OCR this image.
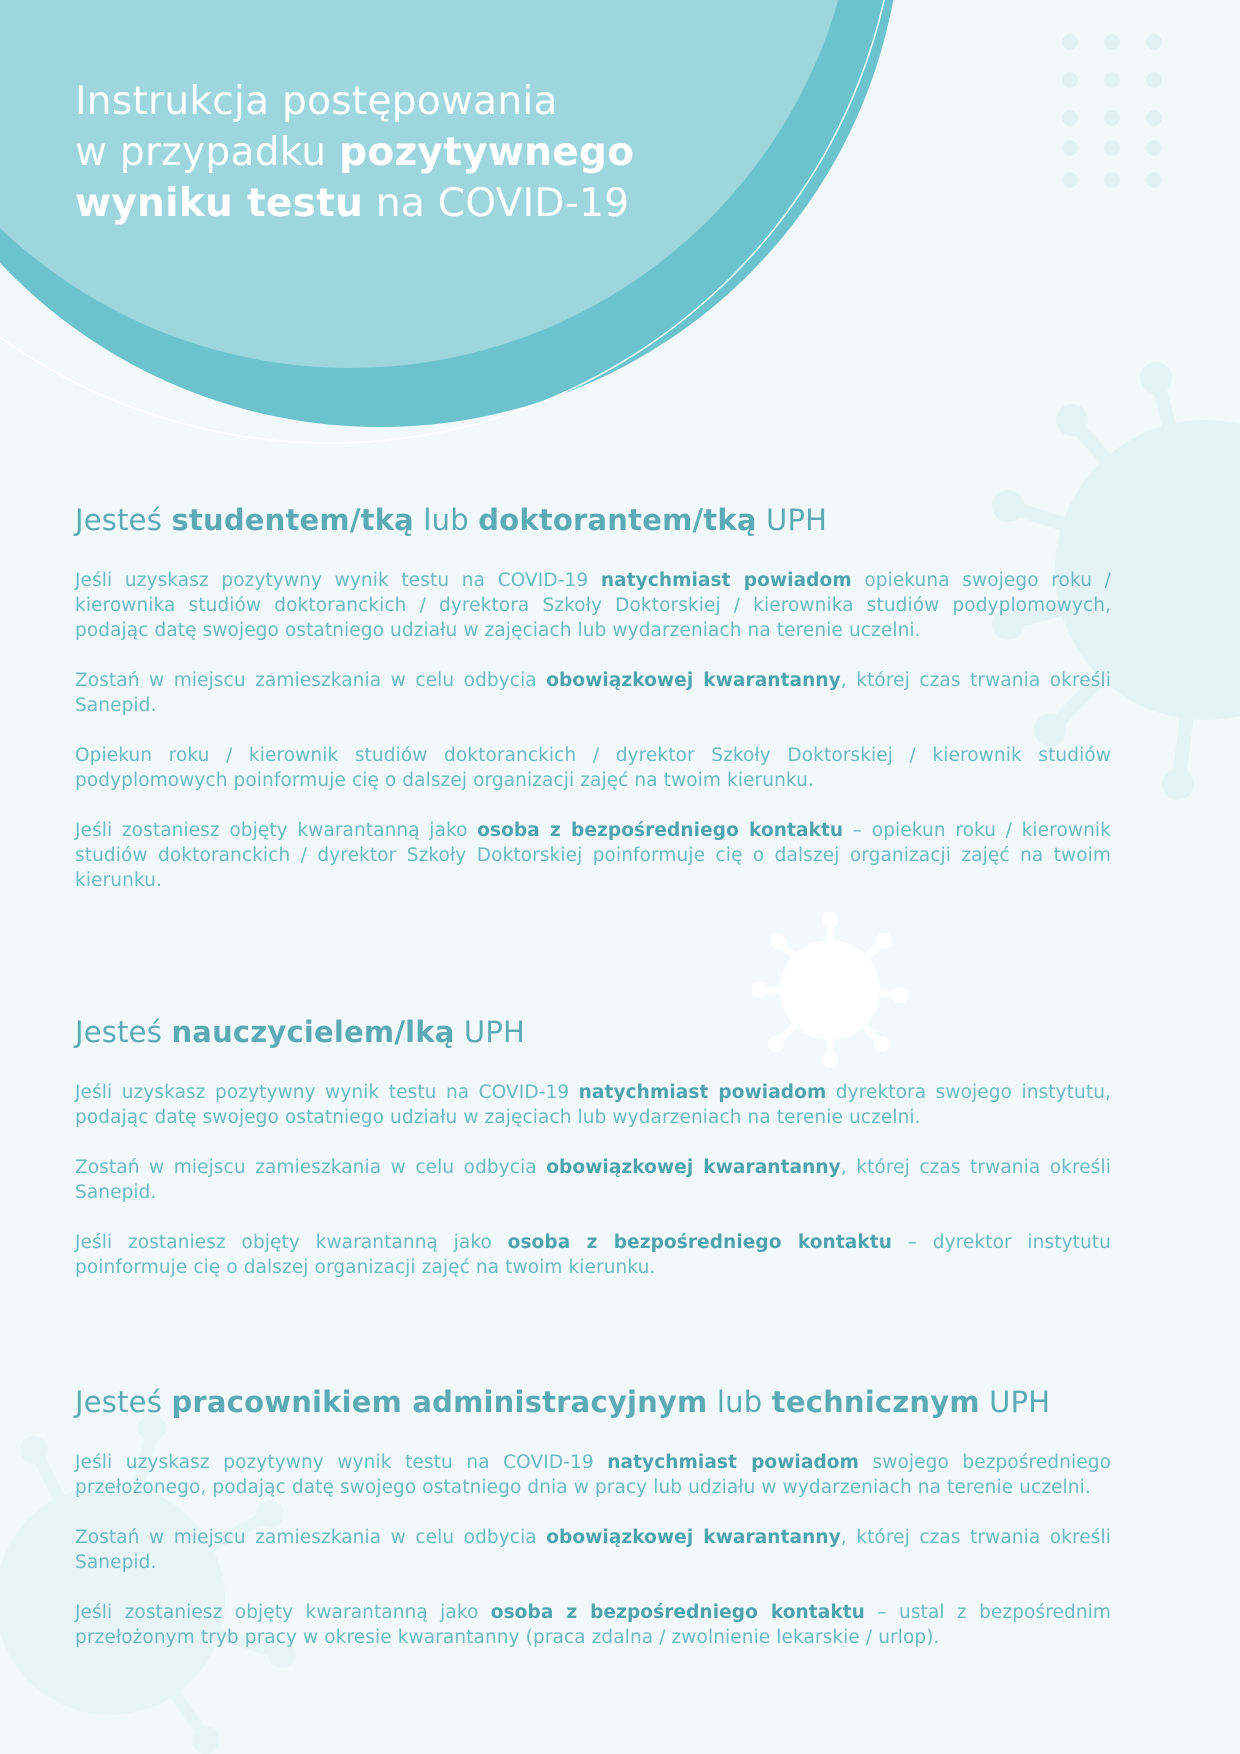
Instrukcja postępowania
w przypadku pozytywnego
wyniku testu na COVID-19
Jesteś studentem/tką lub doktorantem/tką UPH

Jeśli uzyskasz pozytywny wynik testu na COVID-19 natychmiast powiadom opiekuna swojego roku / kierownika studiów doktoranckich / dyrektora Szkoły Doktorskiej / kierownika studiów podyplomowych, podając datę swojego ostatniego udziału w zajęciach lub wydarzeniach na terenie uczelni.

Zostań w miejscu zamieszkania w celu odbycia obowiązkowej kwarantanny, której czas trwania określi Sanepid.

Opiekun roku / kierownik studiów doktoranckich / dyrektor Szkoły Doktorskiej / kierownik studiów podyplomowych poinformuje cię o dalszej organizacji zajęć na twoim kierunku.

Jeśli zostaniesz objęty kwarantanną jako osoba z bezpośredniego kontaktu – opiekun roku / kierownik studiów doktoranckich / dyrektor Szkoły Doktorskiej poinformuje cię o dalszej organizacji zajęć na twoim kierunku.

Jesteś nauczycielem/lką UPH

Jeśli uzyskasz pozytywny wynik testu na COVID-19 natychmiast powiadom dyrektora swojego instytutu, podając datę swojego ostatniego udziału w zajęciach lub wydarzeniach na terenie uczelni.

Zostań w miejscu zamieszkania w celu odbycia obowiązkowej kwarantanny, której czas trwania określi Sanepid.

Jeśli zostaniesz objęty kwarantanną jako osoba z bezpośredniego kontaktu – dyrektor instytutu poinformuje cię o dalszej organizacji zajęć na twoim kierunku.

Jesteś pracownikiem administracyjnym lub technicznym UPH

Jeśli uzyskasz pozytywny wynik testu na COVID-19 natychmiast powiadom swojego bezpośredniego przełożonego, podając datę swojego ostatniego dnia w pracy lub udziału w wydarzeniach na terenie uczelni.

Zostań w miejscu zamieszkania w celu odbycia obowiązkowej kwarantanny, której czas trwania określi Sanepid.

Jeśli zostaniesz objęty kwarantanną jako osoba z bezpośredniego kontaktu – ustal z bezpośrednim przełożonym tryb pracy w okresie kwarantanny (praca zdalna / zwolnienie lekarskie / urlop).
